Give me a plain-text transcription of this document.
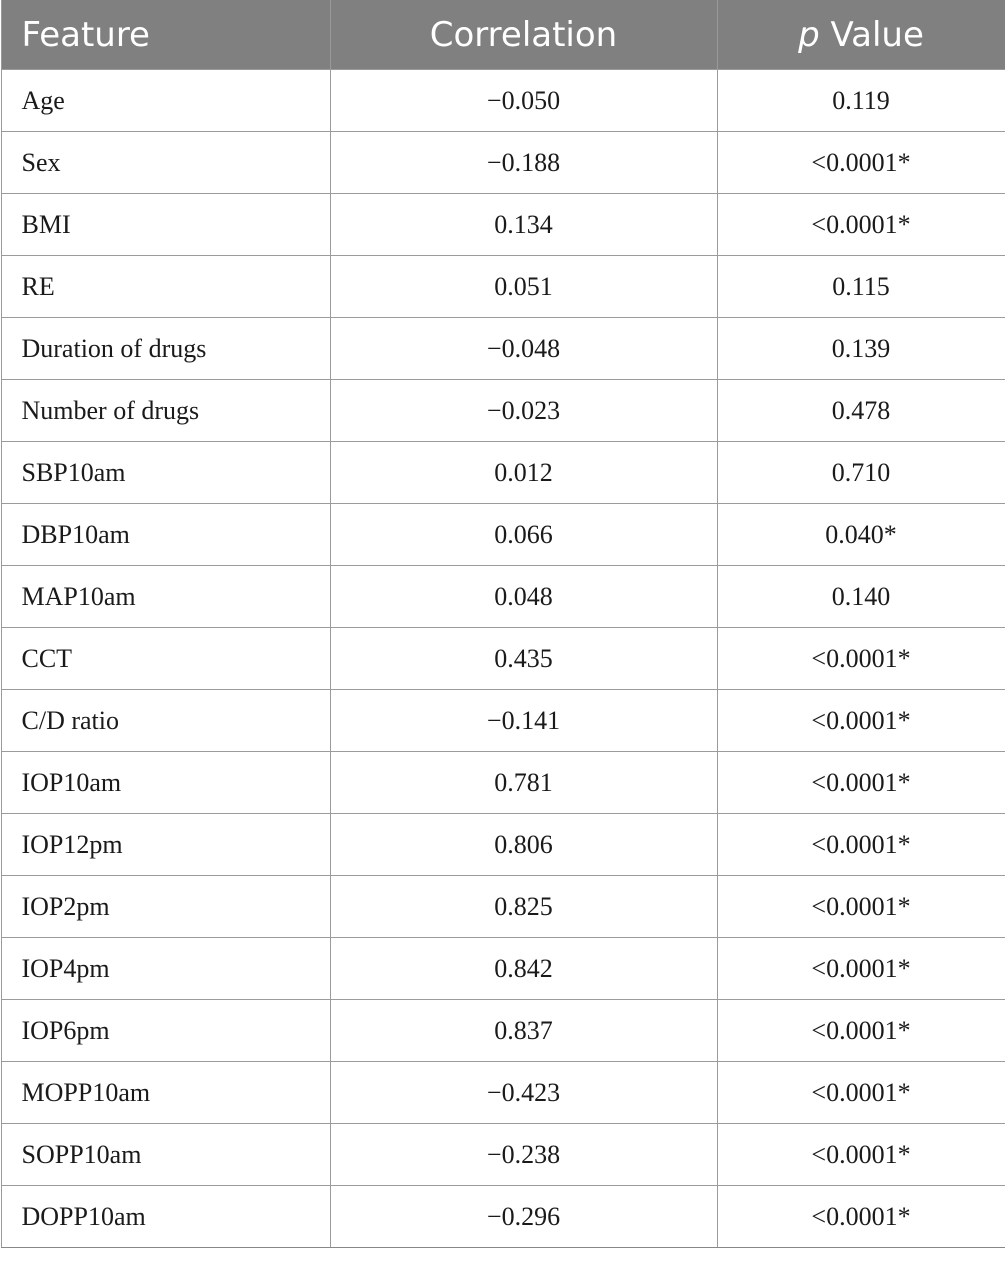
Feature	Correlation	p Value
Age	−0.050	0.119
Sex	−0.188	<0.0001*
BMI	0.134	<0.0001*
RE	0.051	0.115
Duration of drugs	−0.048	0.139
Number of drugs	−0.023	0.478
SBP10am	0.012	0.710
DBP10am	0.066	0.040*
MAP10am	0.048	0.140
CCT	0.435	<0.0001*
C/D ratio	−0.141	<0.0001*
IOP10am	0.781	<0.0001*
IOP12pm	0.806	<0.0001*
IOP2pm	0.825	<0.0001*
IOP4pm	0.842	<0.0001*
IOP6pm	0.837	<0.0001*
MOPP10am	−0.423	<0.0001*
SOPP10am	−0.238	<0.0001*
DOPP10am	−0.296	<0.0001*
